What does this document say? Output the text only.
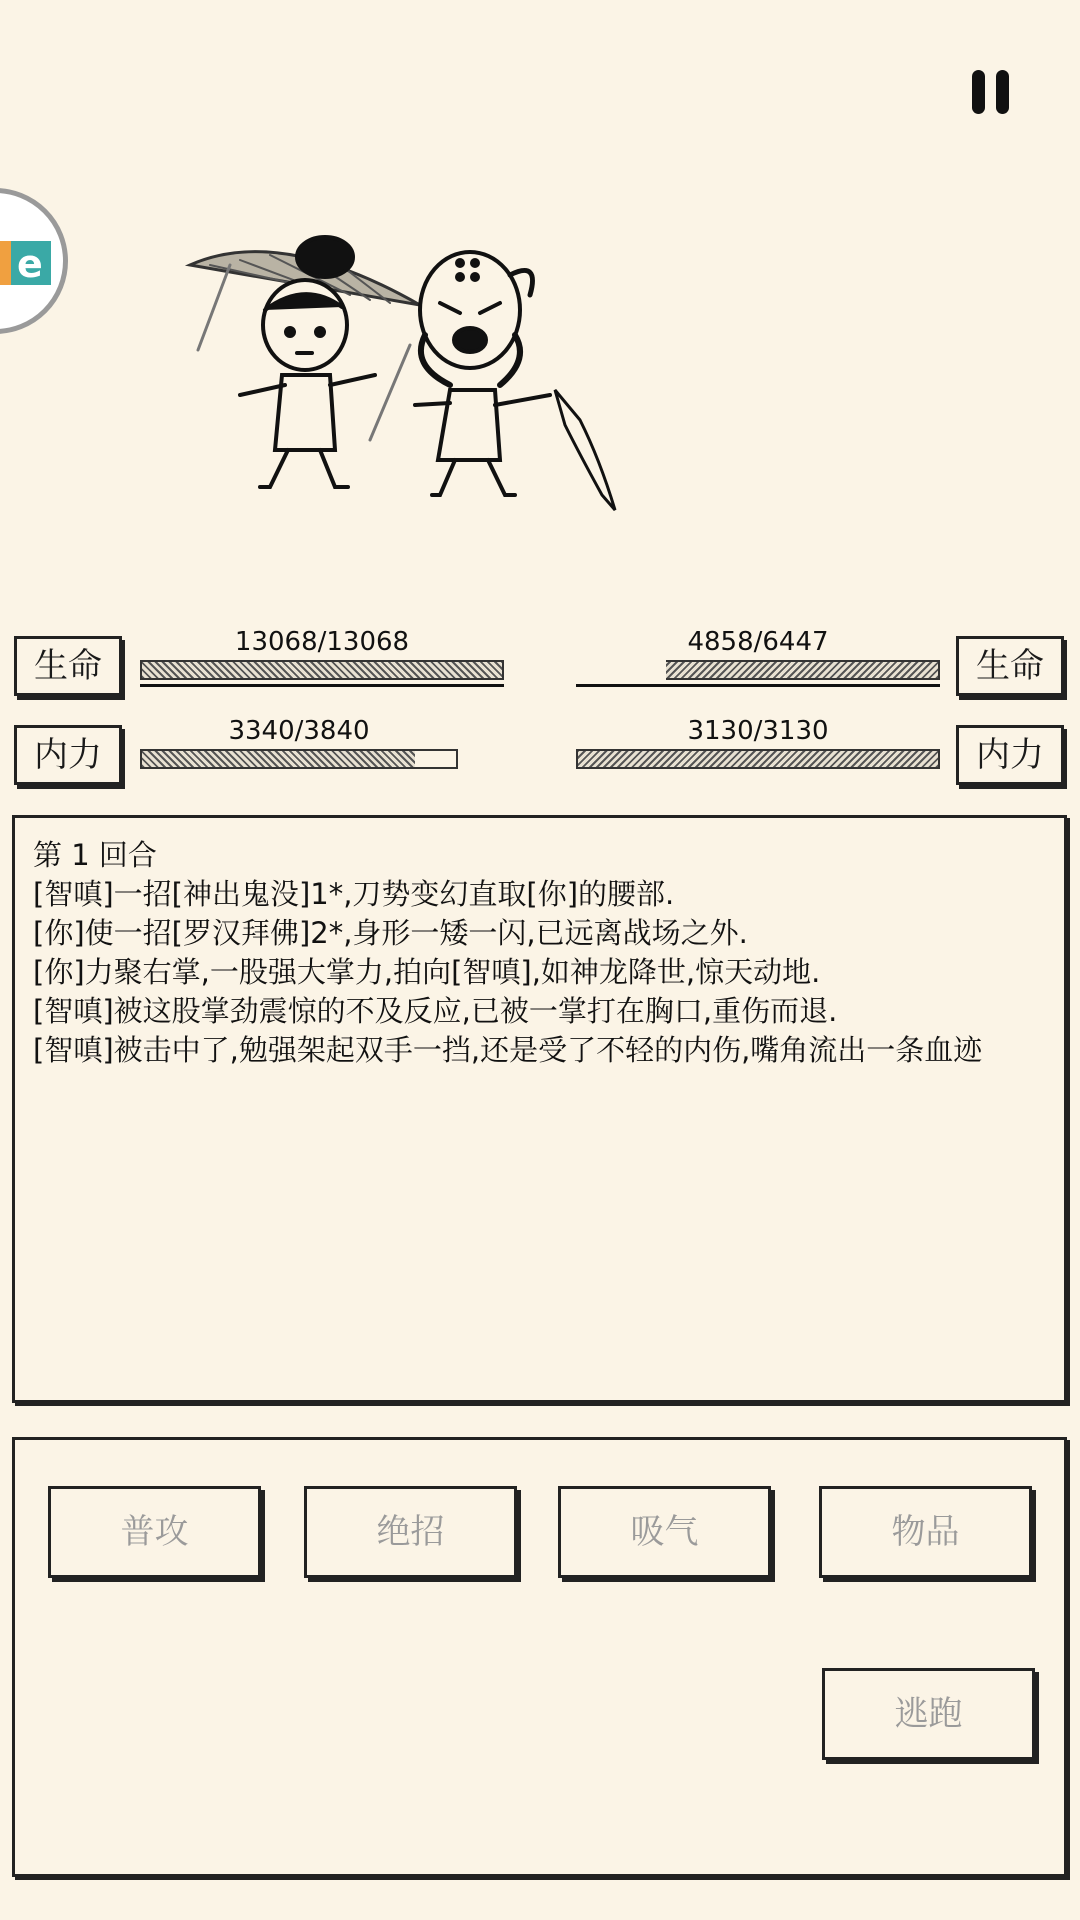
e
生命
13068/13068	4858/6447
生命
内力
3340/3840	3130/3130
内力
第 1 回合
[智嗔]一招[神出鬼没]1*,刀势变幻直取[你]的腰部.
[你]使一招[罗汉拜佛]2*,身形一矮一闪,已远离战场之外.
[你]力聚右掌,一股强大掌力,拍向[智嗔],如神龙降世,惊天动地.
[智嗔]被这股掌劲震惊的不及反应,已被一掌打在胸口,重伤而退.
[智嗔]被击中了,勉强架起双手一挡,还是受了不轻的内伤,嘴角流出一条血迹
普攻	绝招	吸气	物品
逃跑
